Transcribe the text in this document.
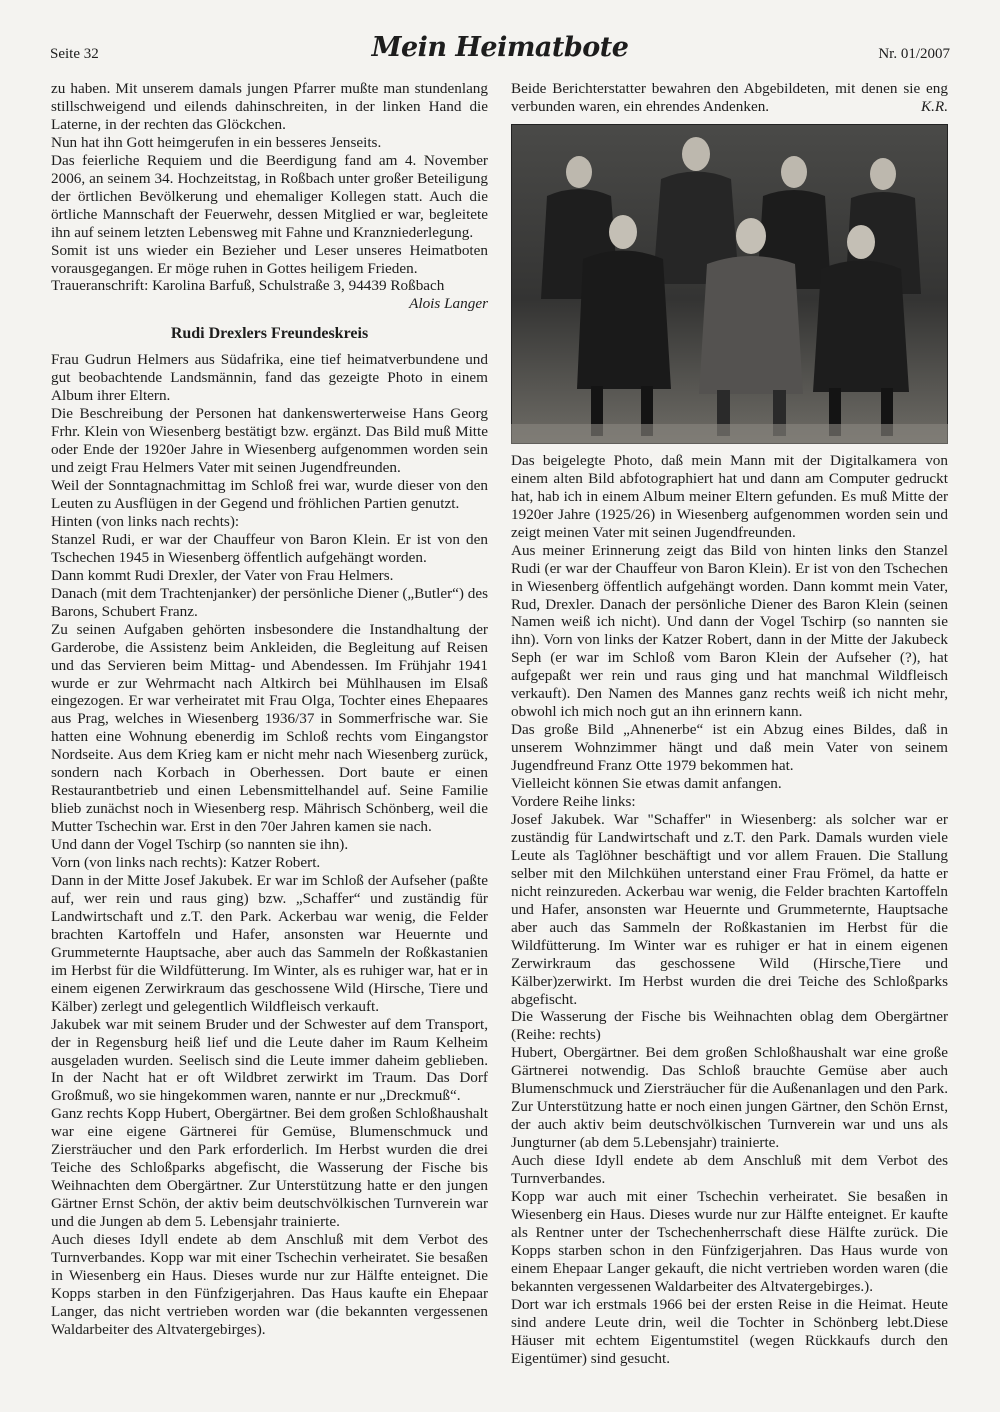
Seite 32	Mein Heimatbote	Nr. 01/2007

zu haben. Mit unserem damals jungen Pfarrer mußte man stundenlang stillschweigend und eilends dahinschreiten, in der linken Hand die Laterne, in der rechten das Glöckchen.

Nun hat ihn Gott heimgerufen in ein besseres Jenseits.

Das feierliche Requiem und die Beerdigung fand am 4. November 2006, an seinem 34. Hochzeitstag, in Roßbach unter großer Beteiligung der örtlichen Bevölkerung und ehemaliger Kollegen statt. Auch die örtliche Mannschaft der Feuerwehr, dessen Mitglied er war, begleitete ihn auf seinem letzten Lebensweg mit Fahne und Kranzniederlegung.

Somit ist uns wieder ein Bezieher und Leser unseres Heimatboten vorausgegangen. Er möge ruhen in Gottes heiligem Frieden.

Traueranschrift: Karolina Barfuß, Schulstraße 3, 94439 Roßbach

Alois Langer

Rudi Drexlers Freundeskreis

Frau Gudrun Helmers aus Südafrika, eine tief heimatverbundene und gut beobachtende Landsmännin, fand das gezeigte Photo in einem Album ihrer Eltern.

Die Beschreibung der Personen hat dankenswerterweise Hans Georg Frhr. Klein von Wiesenberg bestätigt bzw. ergänzt. Das Bild muß Mitte oder Ende der 1920er Jahre in Wiesenberg aufgenommen worden sein und zeigt Frau Helmers Vater mit seinen Jugendfreunden.

Weil der Sonntagnachmittag im Schloß frei war, wurde dieser von den Leuten zu Ausflügen in der Gegend und fröhlichen Partien genutzt.

Hinten (von links nach rechts):

Stanzel Rudi, er war der Chauffeur von Baron Klein. Er ist von den Tschechen 1945 in Wiesenberg öffentlich aufgehängt worden.

Dann kommt Rudi Drexler, der Vater von Frau Helmers.

Danach (mit dem Trachtenjanker) der persönliche Diener („Butler“) des Barons, Schubert Franz.

Zu seinen Aufgaben gehörten insbesondere die Instandhaltung der Garderobe, die Assistenz beim Ankleiden, die Begleitung auf Reisen und das Servieren beim Mittag- und Abendessen. Im Frühjahr 1941 wurde er zur Wehrmacht nach Altkirch bei Mühlhausen im Elsaß eingezogen. Er war verheiratet mit Frau Olga, Tochter eines Ehepaares aus Prag, welches in Wiesenberg 1936/37 in Sommerfrische war. Sie hatten eine Wohnung ebenerdig im Schloß rechts vom Eingangstor Nordseite. Aus dem Krieg kam er nicht mehr nach Wiesenberg zurück, sondern nach Korbach in Oberhessen. Dort baute er einen Restaurantbetrieb und einen Lebensmittelhandel auf. Seine Familie blieb zunächst noch in Wiesenberg resp. Mährisch Schönberg, weil die Mutter Tschechin war. Erst in den 70er Jahren kamen sie nach.

Und dann der Vogel Tschirp (so nannten sie ihn).

Vorn (von links nach rechts): Katzer Robert.

Dann in der Mitte Josef Jakubek. Er war im Schloß der Aufseher (paßte auf, wer rein und raus ging) bzw. „Schaffer“ und zuständig für Landwirtschaft und z.T. den Park. Ackerbau war wenig, die Felder brachten Kartoffeln und Hafer, ansonsten war Heuernte und Grummeternte Hauptsache, aber auch das Sammeln der Roßkastanien im Herbst für die Wildfütterung. Im Winter, als es ruhiger war, hat er in einem eigenen Zerwirkraum das geschossene Wild (Hirsche, Tiere und Kälber) zerlegt und gelegentlich Wildfleisch verkauft.

Jakubek war mit seinem Bruder und der Schwester auf dem Transport, der in Regensburg heiß lief und die Leute daher im Raum Kelheim ausgeladen wurden. Seelisch sind die Leute immer daheim geblieben. In der Nacht hat er oft Wildbret zerwirkt im Traum. Das Dorf Großmuß, wo sie hingekommen waren, nannte er nur „Dreckmuß“.

Ganz rechts Kopp Hubert, Obergärtner. Bei dem großen Schloßhaushalt war eine eigene Gärtnerei für Gemüse, Blumenschmuck und Ziersträucher und den Park erforderlich. Im Herbst wurden die drei Teiche des Schloßparks abgefischt, die Wasserung der Fische bis Weihnachten dem Obergärtner. Zur Unterstützung hatte er den jungen Gärtner Ernst Schön, der aktiv beim deutschvölkischen Turnverein war und die Jungen ab dem 5. Lebensjahr trainierte.

Auch dieses Idyll endete ab dem Anschluß mit dem Verbot des Turnverbandes. Kopp war mit einer Tschechin verheiratet. Sie besaßen in Wiesenberg ein Haus. Dieses wurde nur zur Hälfte enteignet. Die Kopps starben in den Fünfzigerjahren. Das Haus kaufte ein Ehepaar Langer, das nicht vertrieben worden war (die bekannten vergessenen Waldarbeiter des Altvatergebirges).

Beide Berichterstatter bewahren den Abgebildeten, mit denen sie eng verbunden waren, ein ehrendes Andenken.	K.R.

Das beigelegte Photo, daß mein Mann mit der Digitalkamera von einem alten Bild abfotographiert hat und dann am Computer gedruckt hat, hab ich in einem Album meiner Eltern gefunden. Es muß Mitte der 1920er Jahre (1925/26) in Wiesenberg aufgenommen worden sein und zeigt meinen Vater mit seinen Jugendfreunden.

Aus meiner Erinnerung zeigt das Bild von hinten links den Stanzel Rudi (er war der Chauffeur von Baron Klein). Er ist von den Tschechen in Wiesenberg öffentlich aufgehängt worden. Dann kommt mein Vater, Rud, Drexler. Danach der persönliche Diener des Baron Klein (seinen Namen weiß ich nicht). Und dann der Vogel Tschirp (so nannten sie ihn). Vorn von links der Katzer Robert, dann in der Mitte der Jakubeck Seph (er war im Schloß vom Baron Klein der Aufseher (?), hat aufgepaßt wer rein und raus ging und hat manchmal Wildfleisch verkauft). Den Namen des Mannes ganz rechts weiß ich nicht mehr, obwohl ich mich noch gut an ihn erinnern kann.

Das große Bild „Ahnenerbe“ ist ein Abzug eines Bildes, daß in unserem Wohnzimmer hängt und daß mein Vater von seinem Jugendfreund Franz Otte 1979 bekommen hat.

Vielleicht können Sie etwas damit anfangen.

Vordere Reihe links:

Josef Jakubek. War "Schaffer" in Wiesenberg: als solcher war er zuständig für Landwirtschaft und z.T. den Park. Damals wurden viele Leute als Taglöhner beschäftigt und vor allem Frauen. Die Stallung selber mit den Milchkühen unterstand einer Frau Frömel, da hatte er nicht reinzureden. Ackerbau war wenig, die Felder brachten Kartoffeln und Hafer, ansonsten war Heuernte und Grummeternte, Hauptsache aber auch das Sammeln der Roßkastanien im Herbst für die Wildfütterung. Im Winter war es ruhiger er hat in einem eigenen Zerwirkraum das geschossene Wild (Hirsche,Tiere und Kälber)zerwirkt. Im Herbst wurden die drei Teiche des Schloßparks abgefischt.

Die Wasserung der Fische bis Weihnachten oblag dem Obergärtner (Reihe: rechts)

Hubert, Obergärtner. Bei dem großen Schloßhaushalt war eine große Gärtnerei notwendig. Das Schloß brauchte Gemüse aber auch Blumenschmuck und Ziersträucher für die Außenanlagen und den Park. Zur Unterstützung hatte er noch einen jungen Gärtner, den Schön Ernst, der auch aktiv beim deutschvölkischen Turnverein war und uns als Jungturner (ab dem 5.Lebensjahr) trainierte.

Auch diese Idyll endete ab dem Anschluß mit dem Verbot des Turnverbandes.

Kopp war auch mit einer Tschechin verheiratet. Sie besaßen in Wiesenberg ein Haus. Dieses wurde nur zur Hälfte enteignet. Er kaufte als Rentner unter der Tschechenherrschaft diese Hälfte zurück. Die Kopps starben schon in den Fünfzigerjahren. Das Haus wurde von einem Ehepaar Langer gekauft, die nicht vertrieben worden waren (die bekannten vergessenen Waldarbeiter des Altvatergebirges.).

Dort war ich erstmals 1966 bei der ersten Reise in die Heimat. Heute sind andere Leute drin, weil die Tochter in Schönberg lebt.Diese Häuser mit echtem Eigentumstitel (wegen Rückkaufs durch den Eigentümer) sind gesucht.
